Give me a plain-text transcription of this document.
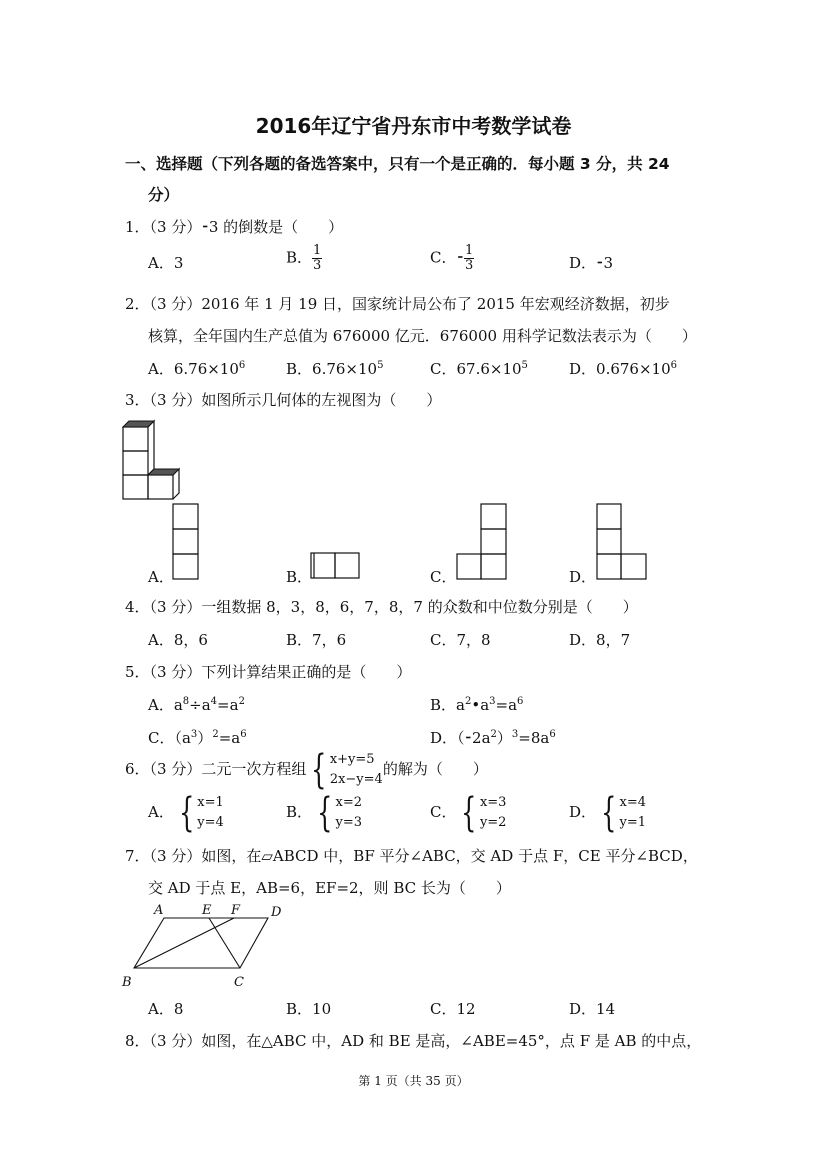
2016年辽宁省丹东市中考数学试卷
一、选择题（下列各题的备选答案中，只有一个是正确的．每小题 3 分，共 24
分）
1．（3 分）⁃3 的倒数是（　　）
A．3	B． $\frac{1}{3}$	C．⁃ $\frac{1}{3}$	D．⁃3
2．（3 分）2016 年 1 月 19 日，国家统计局公布了 2015 年宏观经济数据，初步
核算，全年国内生产总值为 676000 亿元．676000 用科学记数法表示为（　　）
A．$6.76\times 10^6$	B．$6.76\times 10^5$	C．$67.6\times 10^5$	D．$0.676\times 10^6$
3．（3 分）如图所示几何体的左视图为（　　）
A．	B．	C．	D．
4．（3 分）一组数据 8，3，8，6，7，8，7 的众数和中位数分别是（　　）
A．8，6	B．7，6	C．7，8	D．8，7
5．（3 分）下列计算结果正确的是（　　）
A．$a^8\div a^4=a^2$	B．$a^2•a^3=a^6$
C．$(a^3)^2=a^6$	D．$(⁃2a^2)^3=8a^6$
6．（3 分）二元一次方程组 { x+y=5
2x−y=4
的解为（　　）
A． { x=1
y=4
B． { x=2
y=3
C． { x=3
y=2
D． { x=4
y=1
7．（3 分）如图，在▱ABCD 中，BF 平分∠ABC，交 AD 于点 F，CE 平分∠BCD，
交 AD 于点 E，AB=6，EF=2，则 BC 长为（　　）
A	E F D
B	C
A．8	B．10	C．12	D．14
8．（3 分）如图，在△ABC 中，AD 和 BE 是高，∠ABE=45°，点 F 是 AB 的中点，
第 1 页（共 35 页）
